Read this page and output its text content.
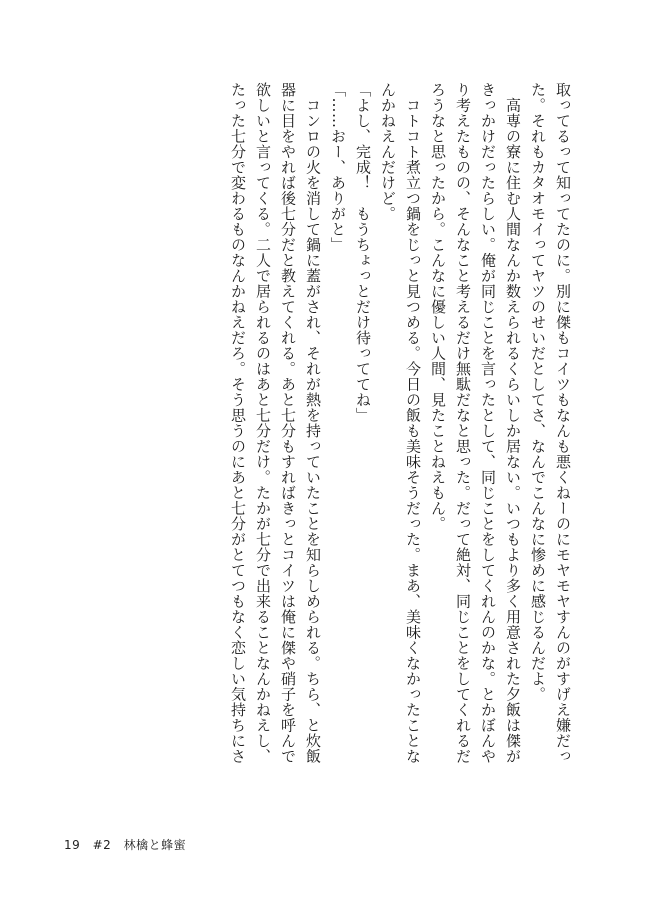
取ってるって知ってたのに。別に傑もコイツもなんも悪くねーのにモヤモヤすんのがすげえ嫌だっ
た。それもカタオモイってヤツのせいだとしてさ、なんでこんなに惨めに感じるんだよ。
　高専の寮に住む人間なんか数えられるくらいしか居ない。いつもより多く用意された夕飯は傑が
きっかけだったらしい。俺が同じことを言ったとして、同じことをしてくれんのかな。とかぼんや
り考えたものの、そんなこと考えるだけ無駄だなと思った。だって絶対、同じことをしてくれるだ
ろうなと思ったから。こんなに優しい人間、見たことねえもん。
　コトコト煮立つ鍋をじっと見つめる。今日の飯も美味そうだった。まあ、美味くなかったことな
んかねえんだけど。
「よし、完成！　もうちょっとだけ待っててね」
「……おー、ありがと」
　コンロの火を消して鍋に蓋がされ、それが熱を持っていたことを知らしめられる。ちら、と炊飯
器に目をやれば後七分だと教えてくれる。あと七分もすればきっとコイツは俺に傑や硝子を呼んで
欲しいと言ってくる。二人で居られるのはあと七分だけ。たかが七分で出来ることなんかねえし、
たった七分で変わるものなんかねえだろ。そう思うのにあと七分がとてつもなく恋しい気持ちにさ
19 #2 林檎と蜂蜜
